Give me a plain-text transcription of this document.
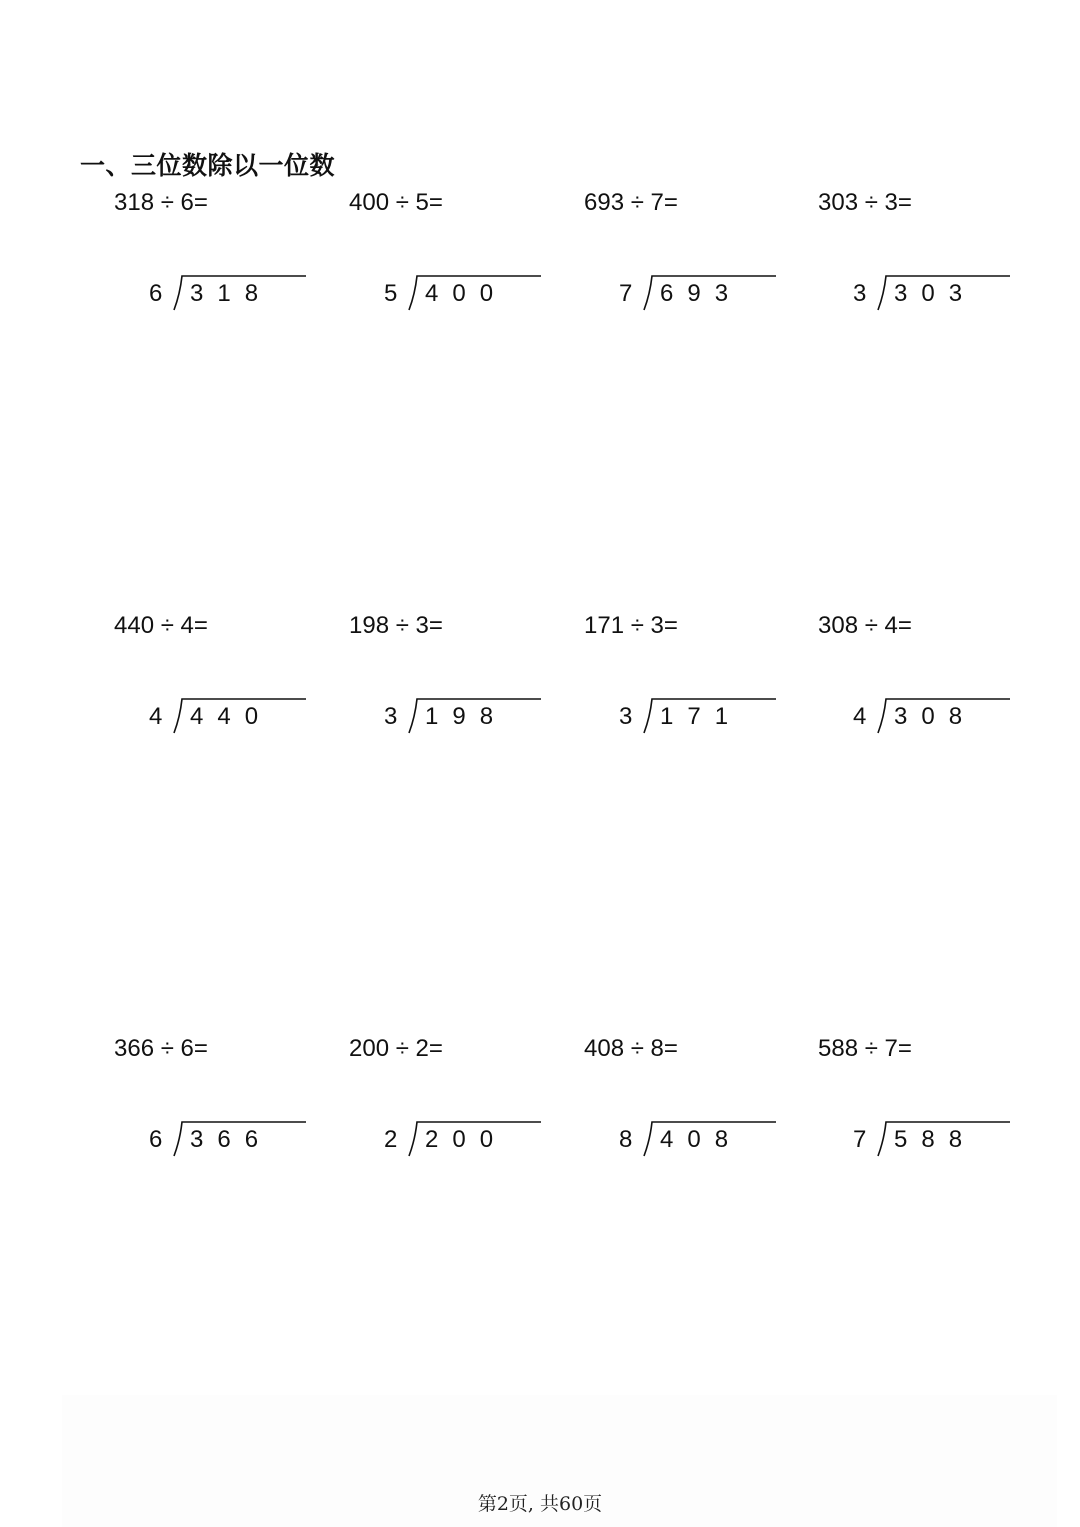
一、三位数除以一位数
318 ÷ 6=
6 318
400 ÷ 5=
5 400
693 ÷ 7=
7 693
303 ÷ 3=
3 303
440 ÷ 4=
4 440
198 ÷ 3=
3 198
171 ÷ 3=
3 171
308 ÷ 4=
4 308
366 ÷ 6=
6 366
200 ÷ 2=
2 200
408 ÷ 8=
8 408
588 ÷ 7=
7 588
第2页, 共60页
